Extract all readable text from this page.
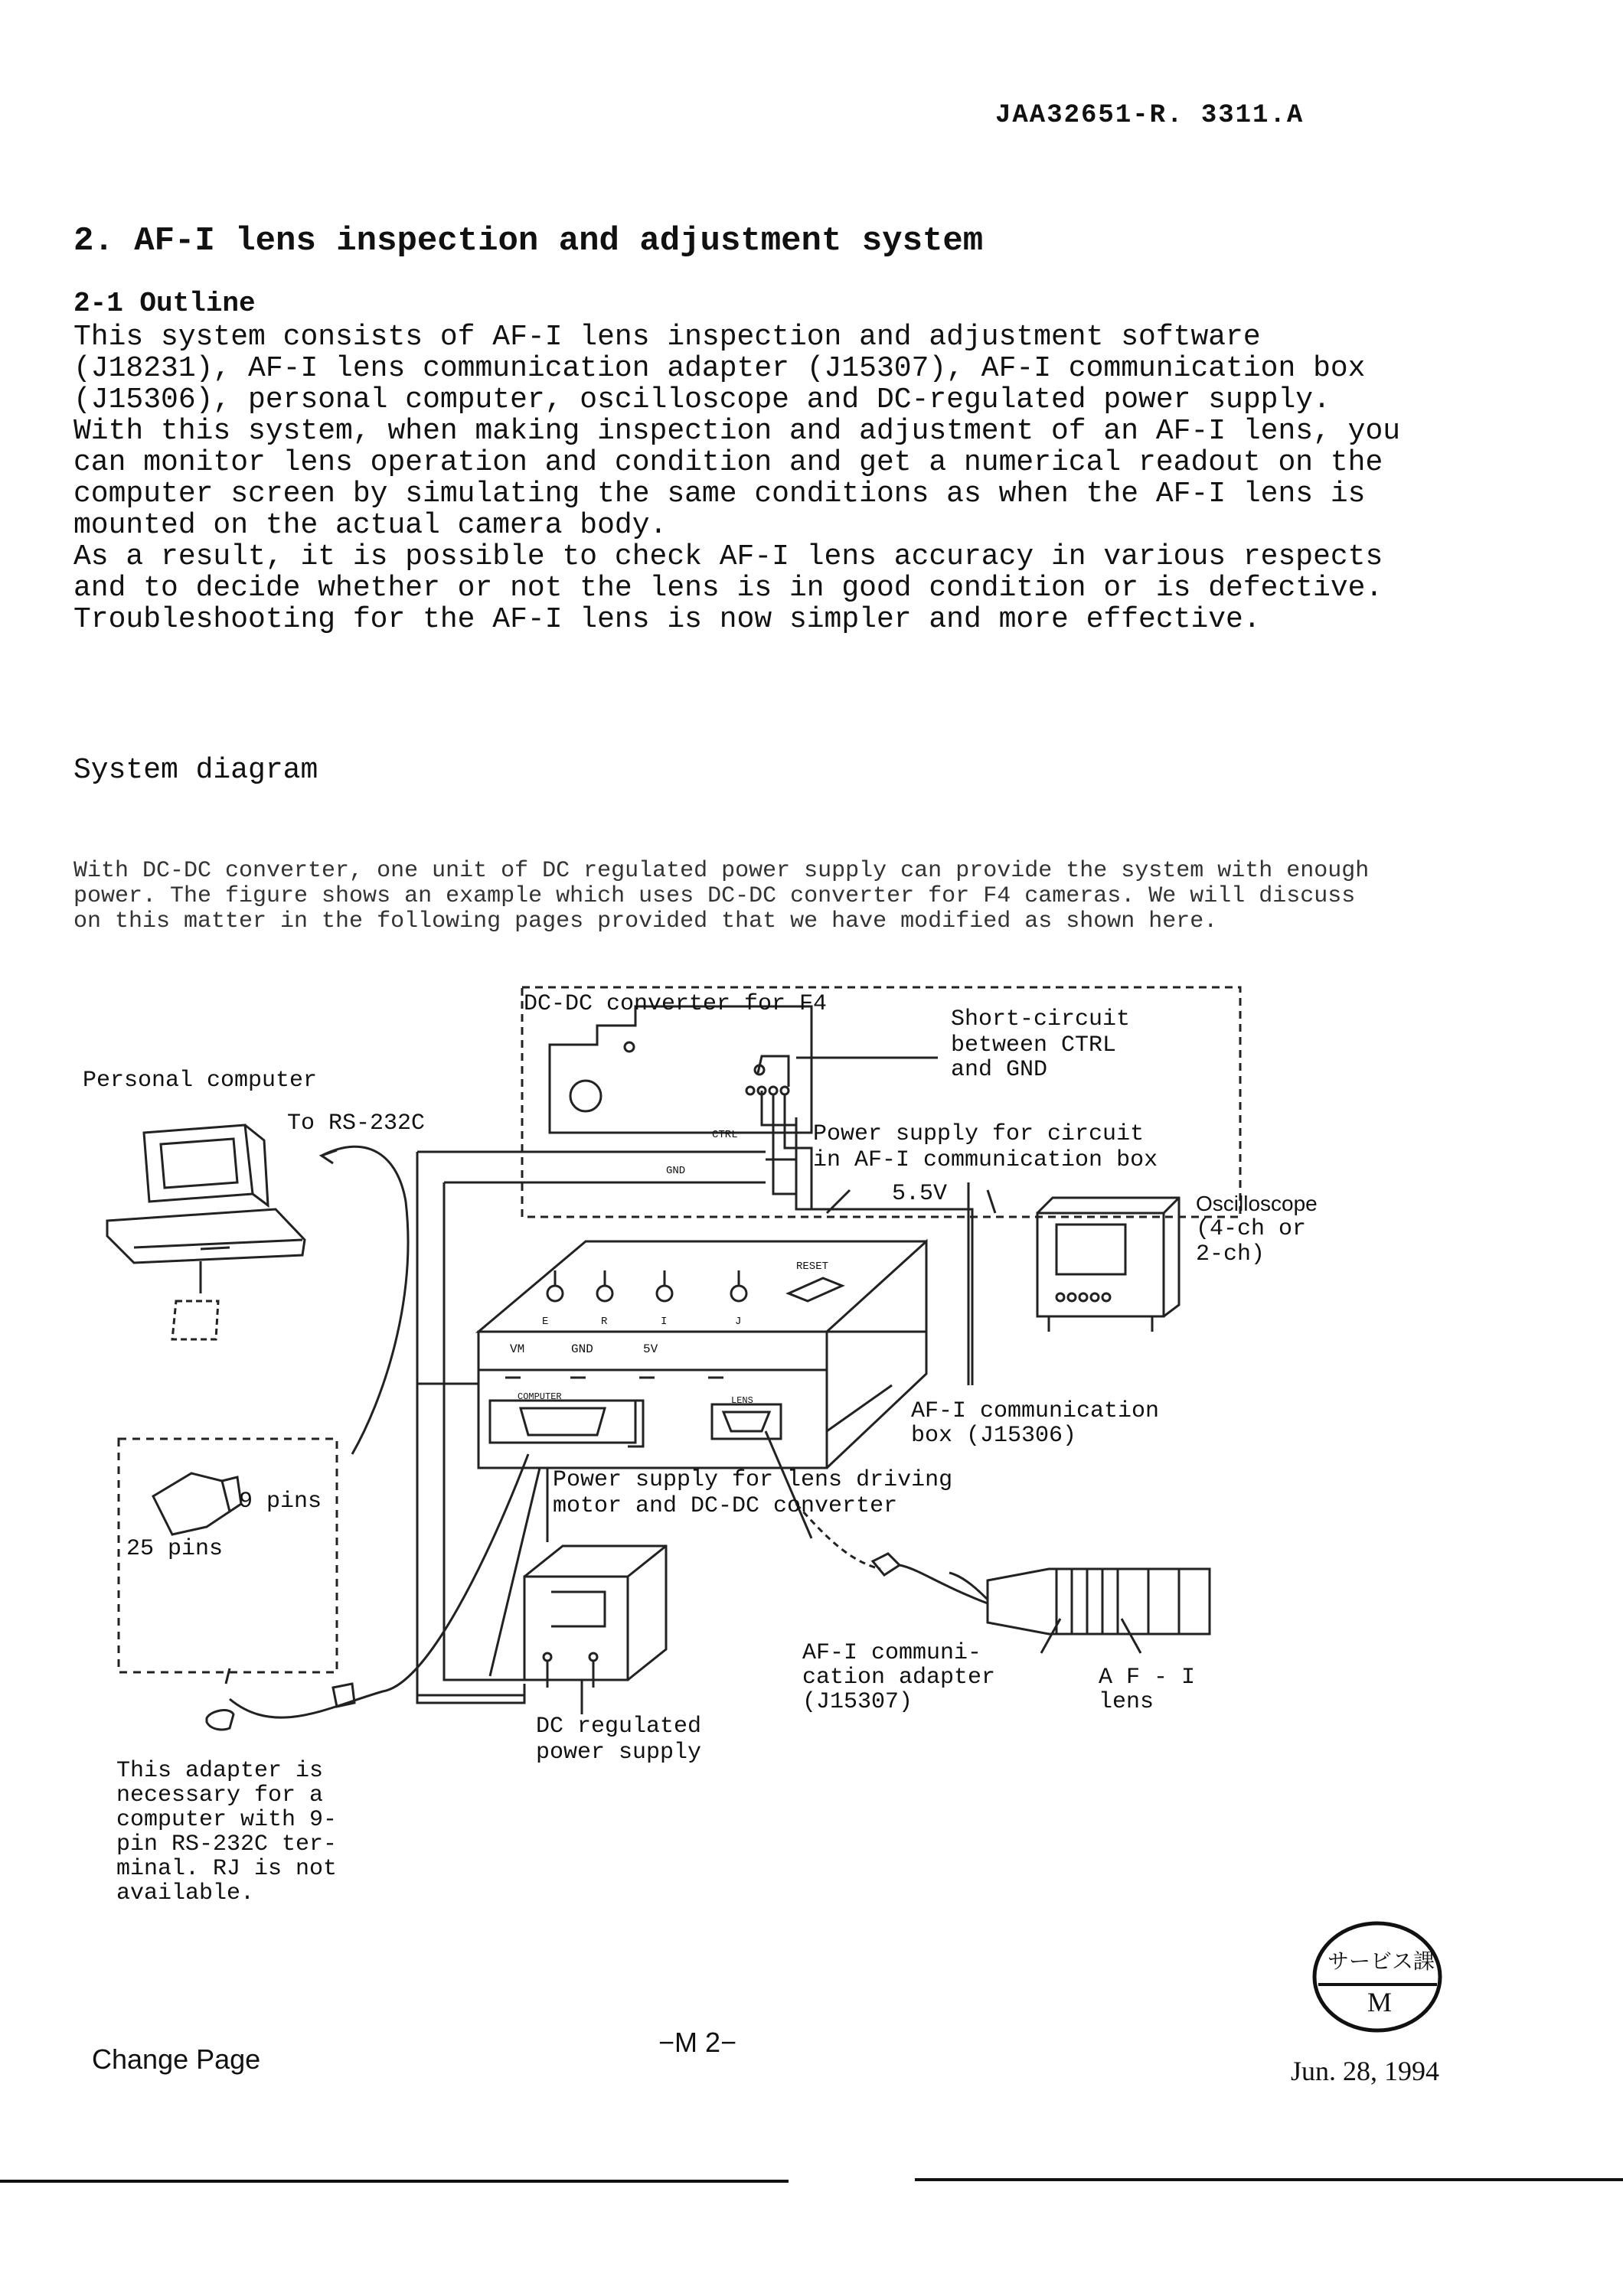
JAA32651-R. 3311.A
2. AF-I lens inspection and adjustment system
2-1 Outline

This system consists of AF-I lens inspection and adjustment software (J18231), AF-I lens communication adapter (J15307), AF-I communication box (J15306), personal computer, oscilloscope and DC-regulated power supply.

With this system, when making inspection and adjustment of an AF-I lens, you can monitor lens operation and condition and get a numerical readout on the computer screen by simulating the same conditions as when the AF-I lens is mounted on the actual camera body.

As a result, it is possible to check AF-I lens accuracy in various respects and to decide whether or not the lens is in good condition or is defective. Troubleshooting for the AF-I lens is now simpler and more effective.

System diagram
With DC-DC converter, one unit of DC regulated power supply can provide the system with enough power. The figure shows an example which uses DC-DC converter for F4 cameras. We will discuss on this matter in the following pages provided that we have modified as shown here.
DC-DC converter for F4
Short-circuit
between CTRL
and GND
Personal computer
To RS-232C	Power supply for circuit
in AF-I communication box
5.5V	Oscilloscope
(4-ch or
2-ch)
AF-I communication
box (J15306)
Power supply for lens driving
motor and DC-DC converter
9 pins
25 pins
AF-I communi-
cation adapter
(J15307)
A F - I
lens
DC regulated
power supply
This adapter is
necessary for a
computer with 9-
pin RS-232C ter-
minal. RJ is not
available.
VM	GND	5V
RESET
COMPUTER	LENS
E	R	I	J
CTRL
GND
Change Page
−M 2−
Jun. 28, 1994
サービス課
M
